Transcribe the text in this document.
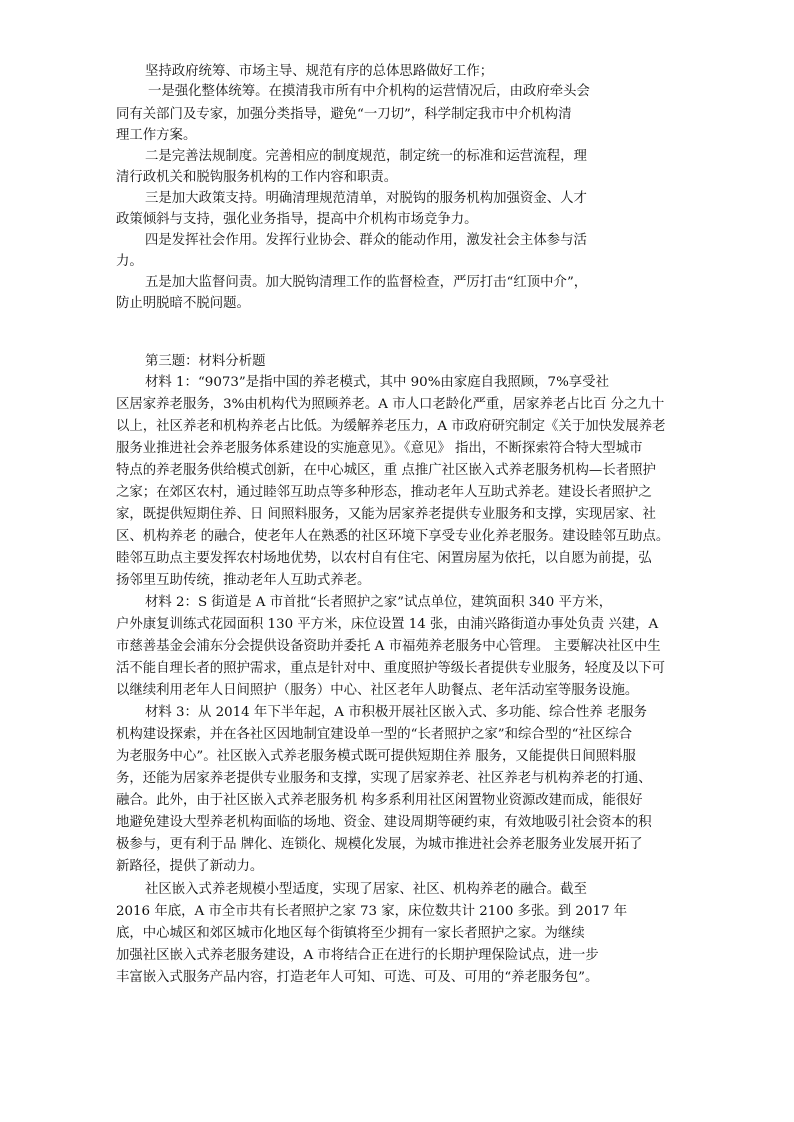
坚持政府统筹、市场主导、规范有序的总体思路做好工作；

一是强化整体统筹。在摸清我市所有中介机构的运营情况后，由政府牵头会

同有关部门及专家，加强分类指导，避免“一刀切”，科学制定我市中介机构清

理工作方案。

二是完善法规制度。完善相应的制度规范，制定统一的标准和运营流程，理

清行政机关和脱钩服务机构的工作内容和职责。

三是加大政策支持。明确清理规范清单，对脱钩的服务机构加强资金、人才

政策倾斜与支持，强化业务指导，提高中介机构市场竞争力。

四是发挥社会作用。发挥行业协会、群众的能动作用，激发社会主体参与活

力。

五是加大监督问责。加大脱钩清理工作的监督检查，严厉打击“红顶中介”，

防止明脱暗不脱问题。

第三题：材料分析题

材料 1：“9073”是指中国的养老模式，其中 90%由家庭自我照顾，7%享受社

区居家养老服务，3%由机构代为照顾养老。A 市人口老龄化严重，居家养老占比百 分之九十

以上，社区养老和机构养老占比低。为缓解养老压力，A 市政府研究制定《关于加快发展养老

服务业推进社会养老服务体系建设的实施意见》。《意见》 指出，不断探索符合特大型城市

特点的养老服务供给模式创新，在中心城区，重 点推广社区嵌入式养老服务机构—长者照护

之家；在郊区农村，通过睦邻互助点等多种形态，推动老年人互助式养老。建设长者照护之

家，既提供短期住养、日 间照料服务，又能为居家养老提供专业服务和支撑，实现居家、社

区、机构养老 的融合，使老年人在熟悉的社区环境下享受专业化养老服务。建设睦邻互助点。

睦邻互助点主要发挥农村场地优势，以农村自有住宅、闲置房屋为依托，以自愿为前提，弘

扬邻里互助传统，推动老年人互助式养老。

材料 2：S 街道是 A 市首批“长者照护之家”试点单位，建筑面积 340 平方米，

户外康复训练式花园面积 130 平方米，床位设置 14 张，由浦兴路街道办事处负责 兴建，A

市慈善基金会浦东分会提供设备资助并委托 A 市福苑养老服务中心管理。 主要解决社区中生

活不能自理长者的照护需求，重点是针对中、重度照护等级长者提供专业服务，轻度及以下可

以继续利用老年人日间照护（服务）中心、社区老年人助餐点、老年活动室等服务设施。

材料 3：从 2014 年下半年起，A 市积极开展社区嵌入式、多功能、综合性养 老服务

机构建设探索，并在各社区因地制宜建设单一型的“长者照护之家”和综合型的“社区综合

为老服务中心”。社区嵌入式养老服务模式既可提供短期住养 服务，又能提供日间照料服

务，还能为居家养老提供专业服务和支撑，实现了居家养老、社区养老与机构养老的打通、

融合。此外，由于社区嵌入式养老服务机 构多系利用社区闲置物业资源改建而成，能很好

地避免建设大型养老机构面临的场地、资金、建设周期等硬约束，有效地吸引社会资本的积

极参与，更有利于品 牌化、连锁化、规模化发展，为城市推进社会养老服务业发展开拓了

新路径，提供了新动力。

社区嵌入式养老规模小型适度，实现了居家、社区、机构养老的融合。截至

2016 年底，A 市全市共有长者照护之家 73 家，床位数共计 2100 多张。到 2017 年

底，中心城区和郊区城市化地区每个街镇将至少拥有一家长者照护之家。为继续

加强社区嵌入式养老服务建设，A 市将结合正在进行的长期护理保险试点，进一步

丰富嵌入式服务产品内容，打造老年人可知、可选、可及、可用的“养老服务包”。
